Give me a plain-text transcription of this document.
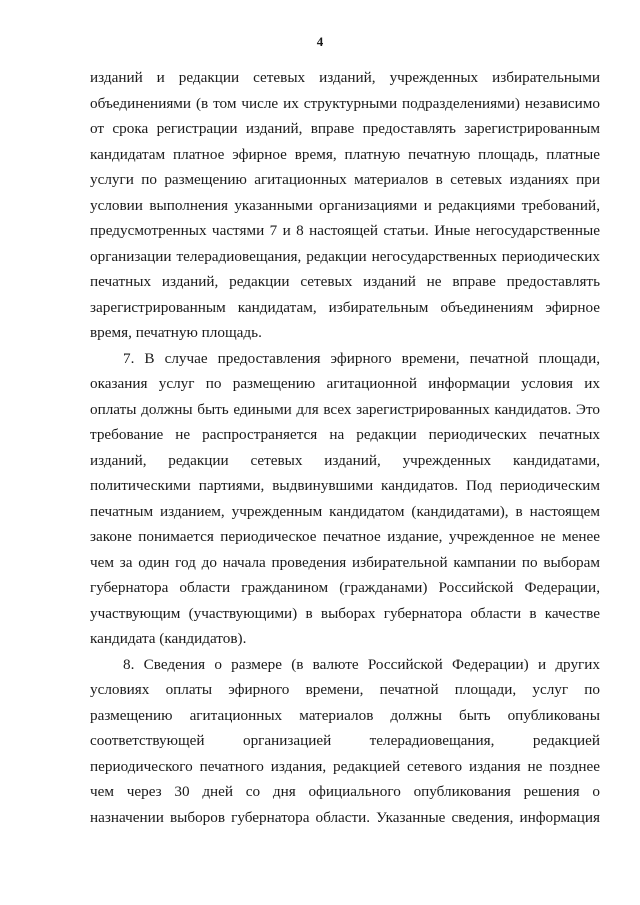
4
изданий и редакции сетевых изданий, учрежденных избирательными
объединениями (в том числе их структурными подразделениями) независимо
от срока регистрации изданий, вправе предоставлять зарегистрированным
кандидатам платное эфирное время, платную печатную площадь, платные
услуги по размещению агитационных материалов в сетевых изданиях при
условии выполнения указанными организациями и редакциями требований,
предусмотренных частями 7 и 8 настоящей статьи. Иные негосударственные
организации телерадиовещания, редакции негосударственных периодических
печатных изданий, редакции сетевых изданий не вправе предоставлять
зарегистрированным кандидатам, избирательным объединениям эфирное
время, печатную площадь.
7. В случае предоставления эфирного времени, печатной площади,
оказания услуг по размещению агитационной информации условия их
оплаты должны быть едиными для всех зарегистрированных кандидатов. Это
требование не распространяется на редакции периодических печатных
изданий, редакции сетевых изданий, учрежденных кандидатами,
политическими партиями, выдвинувшими кандидатов. Под периодическим
печатным изданием, учрежденным кандидатом (кандидатами), в настоящем
законе понимается периодическое печатное издание, учрежденное не менее
чем за один год до начала проведения избирательной кампании по выборам
губернатора области гражданином (гражданами) Российской Федерации,
участвующим (участвующими) в выборах губернатора области в качестве
кандидата (кандидатов).
8. Сведения о размере (в валюте Российской Федерации) и других
условиях оплаты эфирного времени, печатной площади, услуг по
размещению агитационных материалов должны быть опубликованы
соответствующей организацией телерадиовещания, редакцией
периодического печатного издания, редакцией сетевого издания не позднее
чем через 30 дней со дня официального опубликования решения о
назначении выборов губернатора области. Указанные сведения, информация
